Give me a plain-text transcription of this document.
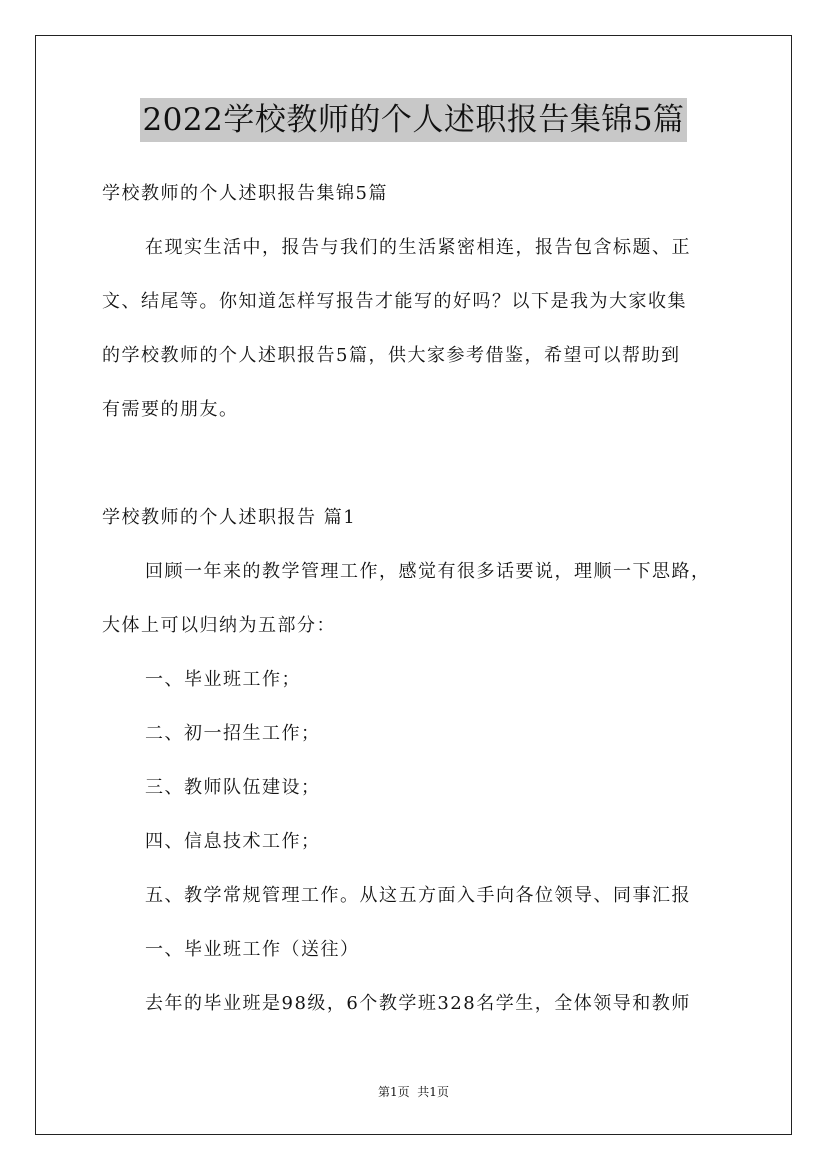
2022学校教师的个人述职报告集锦5篇
学校教师的个人述职报告集锦5篇
在现实生活中，报告与我们的生活紧密相连，报告包含标题、正
文、结尾等。你知道怎样写报告才能写的好吗？以下是我为大家收集
的学校教师的个人述职报告5篇，供大家参考借鉴，希望可以帮助到
有需要的朋友。
学校教师的个人述职报告 篇1
回顾一年来的教学管理工作，感觉有很多话要说，理顺一下思路，
大体上可以归纳为五部分：
一、毕业班工作；
二、初一招生工作；
三、教师队伍建设；
四、信息技术工作；
五、教学常规管理工作。从这五方面入手向各位领导、同事汇报
一、毕业班工作（送往）
去年的毕业班是98级，6个教学班328名学生，全体领导和教师
第1页  共1页
